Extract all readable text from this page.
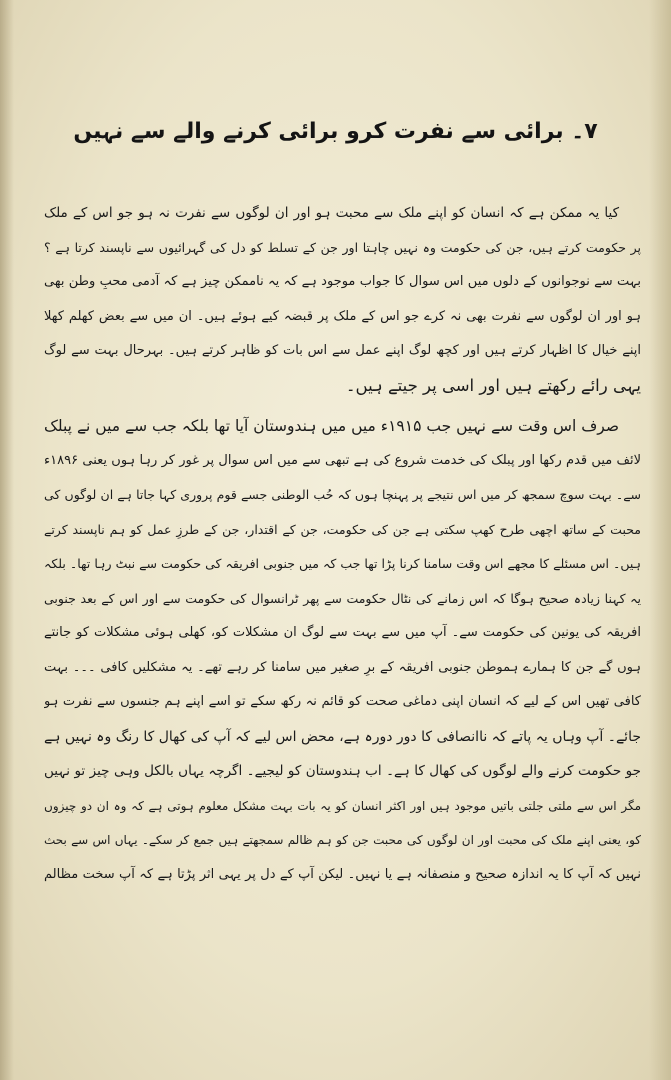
۷۔ برائی سے نفرت کرو برائی کرنے والے سے نہیں

کیا یہ ممکن ہے کہ انسان کو اپنے ملک سے محبت ہو اور ان لوگوں سے نفرت نہ ہو جو اس کے ملک
پر حکومت کرتے ہیں، جن کی حکومت وہ نہیں چاہتا اور جن کے تسلط کو دل کی گہرائیوں سے ناپسند کرتا ہے ؟
بہت سے نوجوانوں کے دلوں میں اس سوال کا جواب موجود ہے کہ یہ ناممکن چیز ہے کہ آدمی محبِ وطن بھی
ہو اور ان لوگوں سے نفرت بھی نہ کرے جو اس کے ملک پر قبضہ کیے ہوئے ہیں۔ ان میں سے بعض کھلم کھلا
اپنے خیال کا اظہار کرتے ہیں اور کچھ لوگ اپنے عمل سے اس بات کو ظاہر کرتے ہیں۔ بہرحال بہت سے لوگ
یہی رائے رکھتے ہیں اور اسی پر جیتے ہیں۔

صرف اس وقت سے نہیں جب ۱۹۱۵ء میں میں ہندوستان آیا تھا بلکہ جب سے میں نے پبلک
لائف میں قدم رکھا اور پبلک کی خدمت شروع کی ہے تبھی سے میں اس سوال پر غور کر رہا ہوں یعنی ۱۸۹۶ء
سے۔ بہت سوچ سمجھ کر میں اس نتیجے پر پہنچا ہوں کہ حُب الوطنی جسے قوم پروری کہا جاتا ہے ان لوگوں کی
محبت کے ساتھ اچھی طرح کھپ سکتی ہے جن کی حکومت، جن کے اقتدار، جن کے طرزِ عمل کو ہم ناپسند کرتے
ہیں۔ اس مسئلے کا مجھے اس وقت سامنا کرنا پڑا تھا جب کہ میں جنوبی افریقہ کی حکومت سے نبٹ رہا تھا۔ بلکہ
یہ کہنا زیادہ صحیح ہوگا کہ اس زمانے کی نٹال حکومت سے پھر ٹرانسوال کی حکومت سے اور اس کے بعد جنوبی
افریقہ کی یونین کی حکومت سے۔ آپ میں سے بہت سے لوگ ان مشکلات کو، کھلی ہوئی مشکلات کو جانتے
ہوں گے جن کا ہمارے ہموطن جنوبی افریقہ کے برِ صغیر میں سامنا کر رہے تھے۔ یہ مشکلیں کافی ۔۔۔ بہت
کافی تھیں اس کے لیے کہ انسان اپنی دماغی صحت کو قائم نہ رکھ سکے تو اسے اپنے ہم جنسوں سے نفرت ہو
جائے۔ آپ وہاں یہ پاتے کہ ناانصافی کا دور دورہ ہے، محض اس لیے کہ آپ کی کھال کا رنگ وہ نہیں ہے
جو حکومت کرنے والے لوگوں کی کھال کا ہے۔ اب ہندوستان کو لیجیے۔ اگرچہ یہاں بالکل وہی چیز تو نہیں
مگر اس سے ملتی جلتی باتیں موجود ہیں اور اکثر انسان کو یہ بات بہت مشکل معلوم ہوتی ہے کہ وہ ان دو چیزوں
کو، یعنی اپنے ملک کی محبت اور ان لوگوں کی محبت جن کو ہم ظالم سمجھتے ہیں جمع کر سکے۔ یہاں اس سے بحث
نہیں کہ آپ کا یہ اندازہ صحیح و منصفانہ ہے یا نہیں۔ لیکن آپ کے دل پر یہی اثر پڑتا ہے کہ آپ سخت مظالم
